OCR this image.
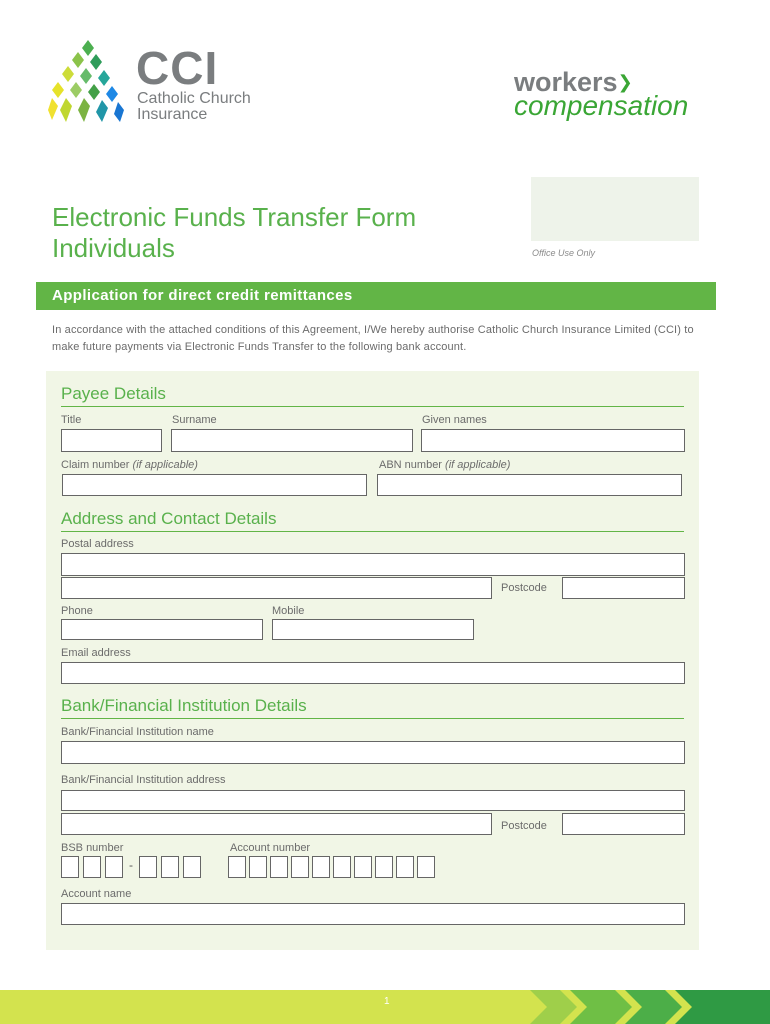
CCI
Catholic Church
Insurance
workers❯
compensation
Electronic Funds Transfer Form
Individuals	Office Use Only
Application for direct credit remittances
In accordance with the attached conditions of this Agreement, I/We hereby authorise Catholic Church Insurance Limited (CCI) to make future payments via Electronic Funds Transfer to the following bank account.
Payee Details
Title	Surname	Given names
Claim number (if applicable)	ABN number (if applicable)
Address and Contact Details
Postal address
Postcode
Phone	Mobile
Email address
Bank/Financial Institution Details
Bank/Financial Institution name
Bank/Financial Institution address
Postcode
BSB number	Account number
-
Account name
1
